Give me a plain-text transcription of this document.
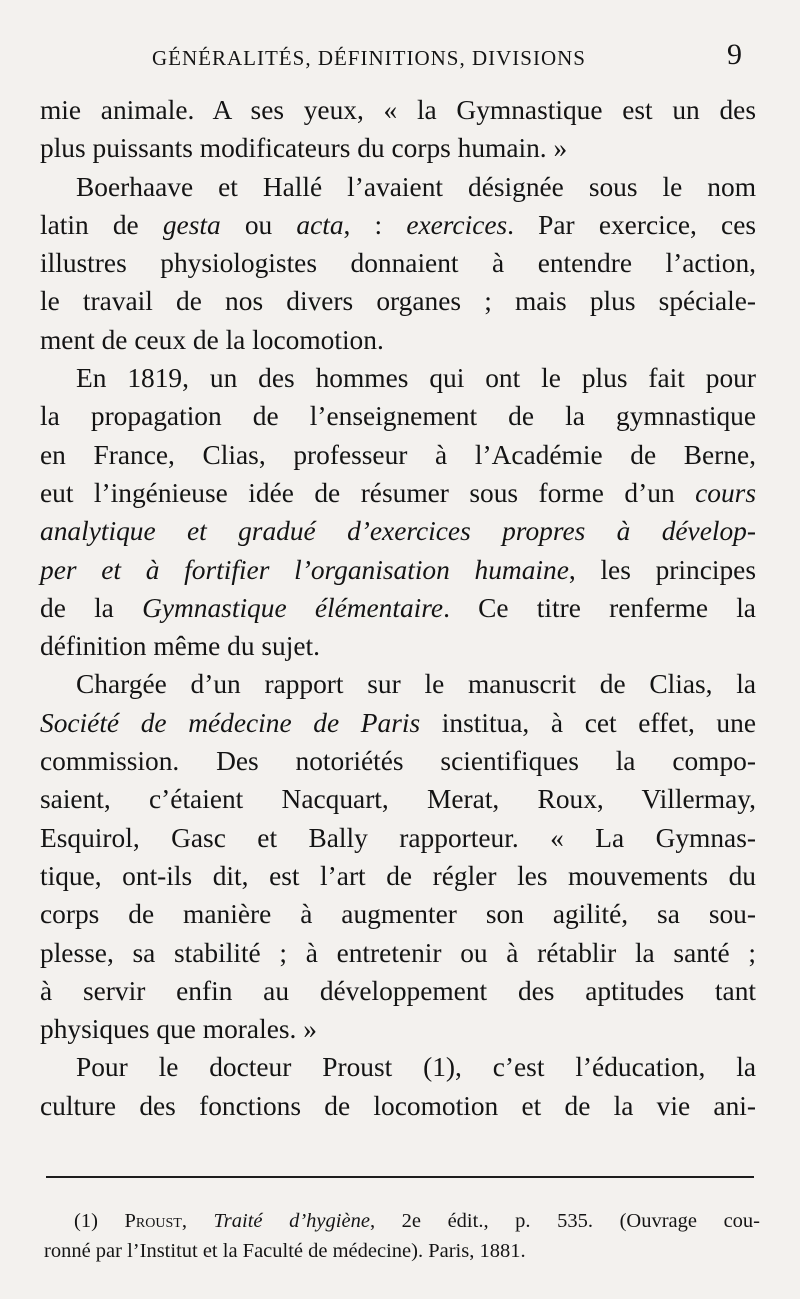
GÉNÉRALITÉS, DÉFINITIONS, DIVISIONS	9
mie animale. A ses yeux, « la Gymnastique est un des
plus puissants modificateurs du corps humain. »
Boerhaave et Hallé l’avaient désignée sous le nom
latin de gesta ou acta, : exercices. Par exercice, ces
illustres physiologistes donnaient à entendre l’action,
le travail de nos divers organes ; mais plus spéciale-
ment de ceux de la locomotion.
En 1819, un des hommes qui ont le plus fait pour
la propagation de l’enseignement de la gymnastique
en France, Clias, professeur à l’Académie de Berne,
eut l’ingénieuse idée de résumer sous forme d’un cours
analytique et gradué d’exercices propres à dévelop-
per et à fortifier l’organisation humaine, les principes
de la Gymnastique élémentaire. Ce titre renferme la
définition même du sujet.
Chargée d’un rapport sur le manuscrit de Clias, la
Société de médecine de Paris institua, à cet effet, une
commission. Des notoriétés scientifiques la compo-
saient, c’étaient Nacquart, Merat, Roux, Villermay,
Esquirol, Gasc et Bally rapporteur. « La Gymnas-
tique, ont-ils dit, est l’art de régler les mouvements du
corps de manière à augmenter son agilité, sa sou-
plesse, sa stabilité ; à entretenir ou à rétablir la santé ;
à servir enfin au développement des aptitudes tant
physiques que morales. »
Pour le docteur Proust (1), c’est l’éducation, la
culture des fonctions de locomotion et de la vie ani-
(1) Proust, Traité d’hygiène, 2e édit., p. 535. (Ouvrage cou-
ronné par l’Institut et la Faculté de médecine). Paris, 1881.
